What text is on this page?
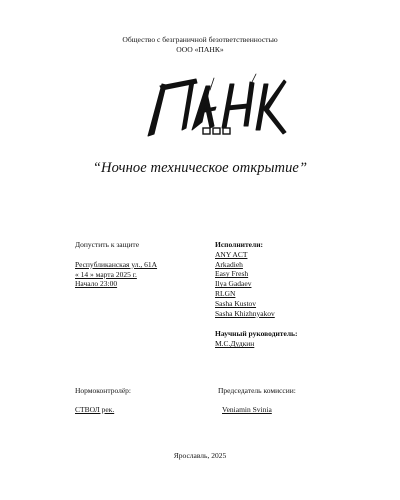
Общество с безграничной безответственностью
ООО «ПАНК»
“Ночное техническое открытие”
Допустить к защите
Республиканская ул., 61А
« 14 » марта 2025 г.
Начало 23:00
Исполнители:
ANY ACT
Arkadieh
Easy Fresh
Ilya Gadaev
RLGN
Sasha Kustov
Sasha Khizhnyakov
Научный руководитель:
М.С.Дудкин
Нормоконтролёр:	Председатель комиссии:
СТВОЛ рек.	Veniamin Svinia
Ярославль, 2025
